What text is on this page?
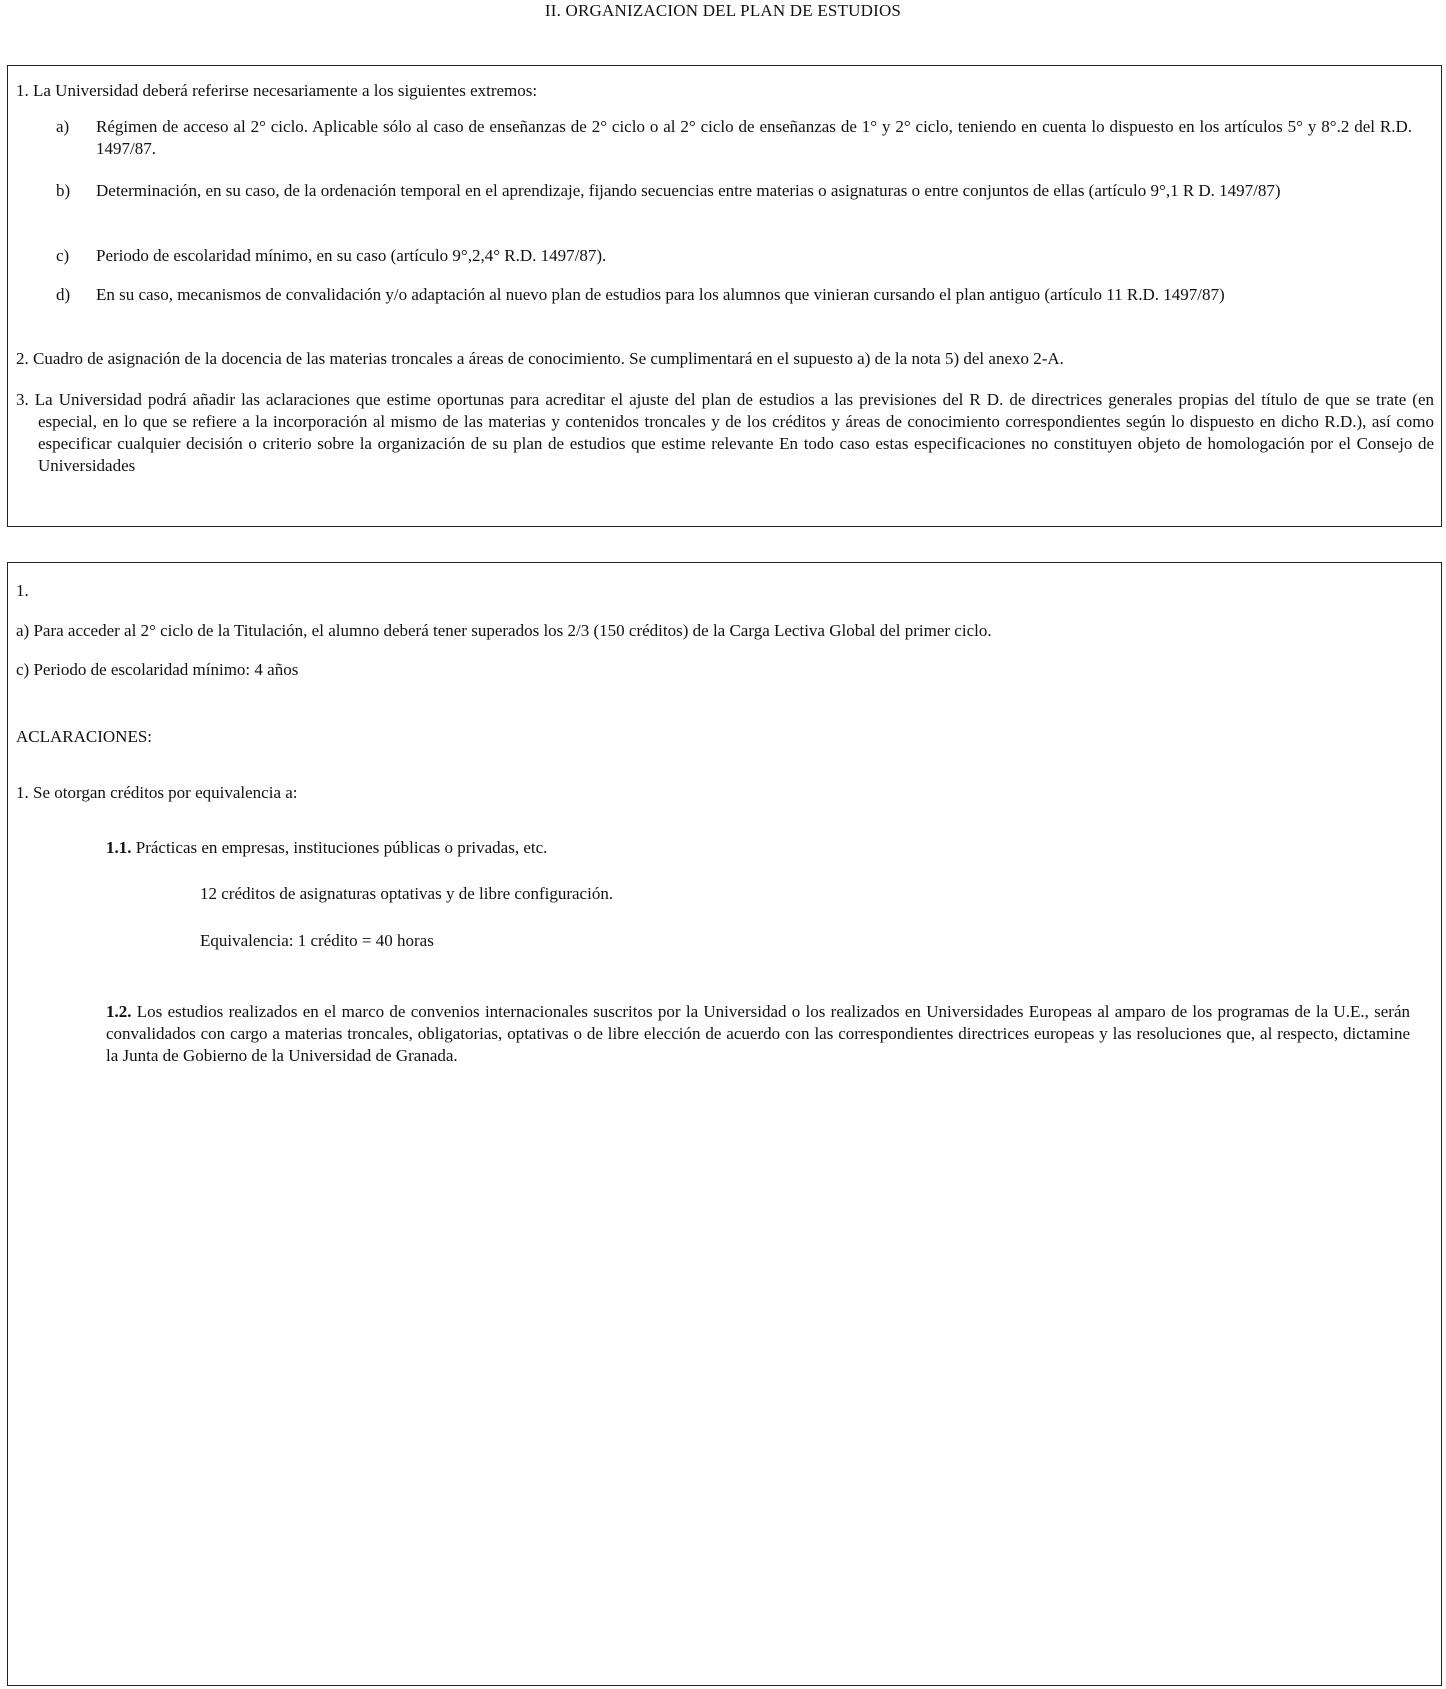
II. ORGANIZACION DEL PLAN DE ESTUDIOS

1. La Universidad deberá referirse necesariamente a los siguientes extremos:

a) Régimen de acceso al 2° ciclo. Aplicable sólo al caso de enseñanzas de 2° ciclo o al 2° ciclo de enseñanzas de 1° y 2° ciclo, teniendo en cuenta lo dispuesto en los artículos 5° y 8°.2 del R.D. 1497/87.

b) Determinación, en su caso, de la ordenación temporal en el aprendizaje, fijando secuencias entre materias o asignaturas o entre conjuntos de ellas (artículo 9°,1 R D. 1497/87)

c) Periodo de escolaridad mínimo, en su caso (artículo 9°,2,4° R.D. 1497/87).

d) En su caso, mecanismos de convalidación y/o adaptación al nuevo plan de estudios para los alumnos que vinieran cursando el plan antiguo (artículo 11 R.D. 1497/87)

2. Cuadro de asignación de la docencia de las materias troncales a áreas de conocimiento. Se cumplimentará en el supuesto a) de la nota 5) del anexo 2-A.

3. La Universidad podrá añadir las aclaraciones que estime oportunas para acreditar el ajuste del plan de estudios a las previsiones del R D. de directrices generales propias del título de que se trate (en especial, en lo que se refiere a la incorporación al mismo de las materias y contenidos troncales y de los créditos y áreas de conocimiento correspondientes según lo dispuesto en dicho R.D.), así como especificar cualquier decisión o criterio sobre la organización de su plan de estudios que estime relevante En todo caso estas especificaciones no constituyen objeto de homologación por el Consejo de Universidades

1.

a) Para acceder al 2° ciclo de la Titulación, el alumno deberá tener superados los 2/3 (150 créditos) de la Carga Lectiva Global del primer ciclo.

c) Periodo de escolaridad mínimo: 4 años

ACLARACIONES:

1. Se otorgan créditos por equivalencia a:

1.1. Prácticas en empresas, instituciones públicas o privadas, etc.

12 créditos de asignaturas optativas y de libre configuración.

Equivalencia: 1 crédito = 40 horas

1.2. Los estudios realizados en el marco de convenios internacionales suscritos por la Universidad o los realizados en Universidades Europeas al amparo de los programas de la U.E., serán convalidados con cargo a materias troncales, obligatorias, optativas o de libre elección de acuerdo con las correspondientes directrices europeas y las resoluciones que, al respecto, dictamine la Junta de Gobierno de la Universidad de Granada.
